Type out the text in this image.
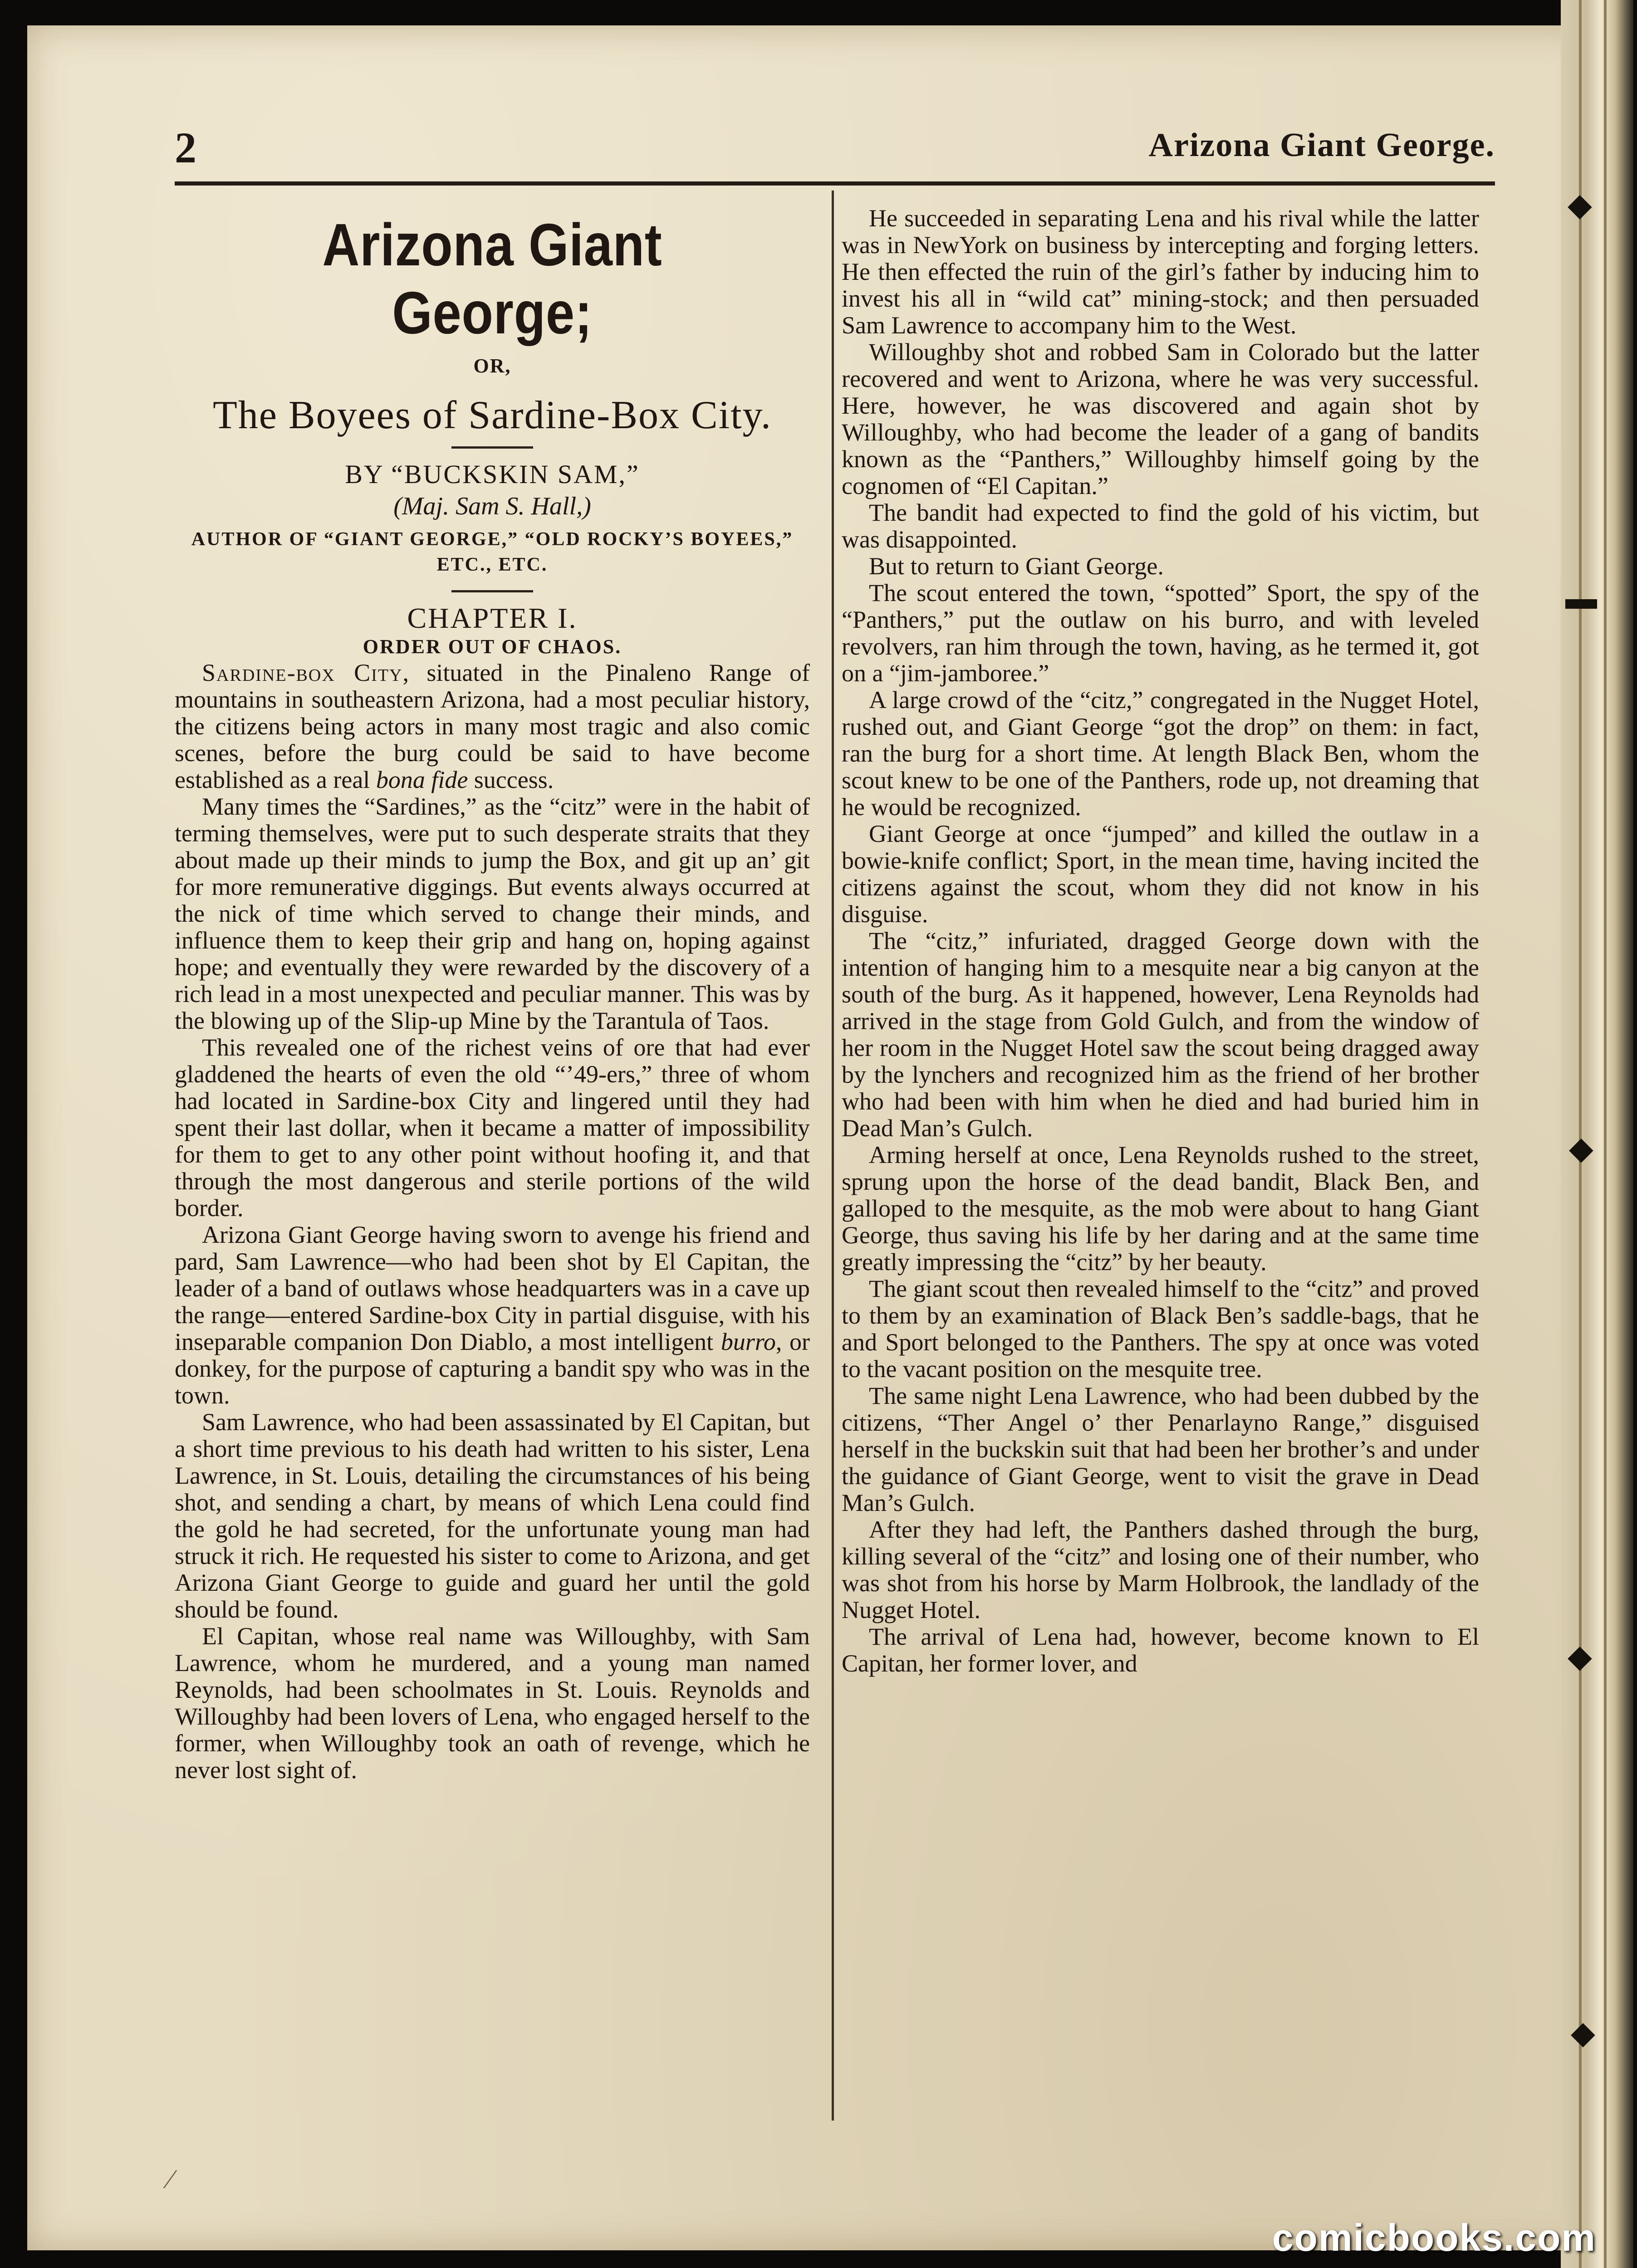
◆
▬
◆
◆
◆
⁄
2	Arizona Giant George.
Arizona Giant George;
OR,
The Boyees of Sardine-Box City.
BY “BUCKSKIN SAM,”
(Maj. Sam S. Hall,)
AUTHOR OF “GIANT GEORGE,” “OLD ROCKY’S BOYEES,” ETC., ETC.
CHAPTER I.
ORDER OUT OF CHAOS.

Sardine-box City, situated in the Pinaleno Range of mountains in southeastern Arizona, had a most peculiar history, the citizens being actors in many most tragic and also comic scenes, before the burg could be said to have become established as a real bona fide success.

Many times the “Sardines,” as the “citz” were in the habit of terming themselves, were put to such desperate straits that they about made up their minds to jump the Box, and git up an’ git for more remunerative diggings. But events always occurred at the nick of time which served to change their minds, and influence them to keep their grip and hang on, hoping against hope; and eventually they were rewarded by the discovery of a rich lead in a most unexpected and peculiar manner. This was by the blowing up of the Slip-up Mine by the Tarantula of Taos.

This revealed one of the richest veins of ore that had ever gladdened the hearts of even the old “’49-ers,” three of whom had located in Sardine-box City and lingered until they had spent their last dollar, when it became a matter of impossibility for them to get to any other point without hoofing it, and that through the most dangerous and sterile portions of the wild border.

Arizona Giant George having sworn to avenge his friend and pard, Sam Lawrence—who had been shot by El Capitan, the leader of a band of outlaws whose headquarters was in a cave up the range—entered Sardine-box City in partial disguise, with his inseparable companion Don Diablo, a most intelligent burro, or donkey, for the purpose of capturing a bandit spy who was in the town.

Sam Lawrence, who had been assassinated by El Capitan, but a short time previous to his death had written to his sister, Lena Lawrence, in St. Louis, detailing the circumstances of his being shot, and sending a chart, by means of which Lena could find the gold he had secreted, for the unfortunate young man had struck it rich. He requested his sister to come to Arizona, and get Arizona Giant George to guide and guard her until the gold should be found.

El Capitan, whose real name was Willoughby, with Sam Lawrence, whom he murdered, and a young man named Reynolds, had been schoolmates in St. Louis. Reynolds and Willoughby had been lovers of Lena, who engaged herself to the former, when Willoughby took an oath of revenge, which he never lost sight of.

He succeeded in separating Lena and his rival while the latter was in NewYork on business by intercepting and forging letters. He then effected the ruin of the girl’s father by inducing him to invest his all in “wild cat” mining-stock; and then persuaded Sam Lawrence to accompany him to the West.

Willoughby shot and robbed Sam in Colorado but the latter recovered and went to Arizona, where he was very successful. Here, however, he was discovered and again shot by Willoughby, who had become the leader of a gang of bandits known as the “Panthers,” Willoughby himself going by the cognomen of “El Capitan.”

The bandit had expected to find the gold of his victim, but was disappointed.

But to return to Giant George.

The scout entered the town, “spotted” Sport, the spy of the “Panthers,” put the outlaw on his burro, and with leveled revolvers, ran him through the town, having, as he termed it, got on a “jim-jamboree.”

A large crowd of the “citz,” congregated in the Nugget Hotel, rushed out, and Giant George “got the drop” on them: in fact, ran the burg for a short time. At length Black Ben, whom the scout knew to be one of the Panthers, rode up, not dreaming that he would be recognized.

Giant George at once “jumped” and killed the outlaw in a bowie-knife conflict; Sport, in the mean time, having incited the citizens against the scout, whom they did not know in his disguise.

The “citz,” infuriated, dragged George down with the intention of hanging him to a mesquite near a big canyon at the south of the burg. As it happened, however, Lena Reynolds had arrived in the stage from Gold Gulch, and from the window of her room in the Nugget Hotel saw the scout being dragged away by the lynchers and recognized him as the friend of her brother who had been with him when he died and had buried him in Dead Man’s Gulch.

Arming herself at once, Lena Reynolds rushed to the street, sprung upon the horse of the dead bandit, Black Ben, and galloped to the mesquite, as the mob were about to hang Giant George, thus saving his life by her daring and at the same time greatly impressing the “citz” by her beauty.

The giant scout then revealed himself to the “citz” and proved to them by an examination of Black Ben’s saddle-bags, that he and Sport belonged to the Panthers. The spy at once was voted to the vacant position on the mesquite tree.

The same night Lena Lawrence, who had been dubbed by the citizens, “Ther Angel o’ ther Penarlayno Range,” disguised herself in the buckskin suit that had been her brother’s and under the guidance of Giant George, went to visit the grave in Dead Man’s Gulch.

After they had left, the Panthers dashed through the burg, killing several of the “citz” and losing one of their number, who was shot from his horse by Marm Holbrook, the landlady of the Nugget Hotel.

The arrival of Lena had, however, become known to El Capitan, her former lover, and

comicbooks.com
